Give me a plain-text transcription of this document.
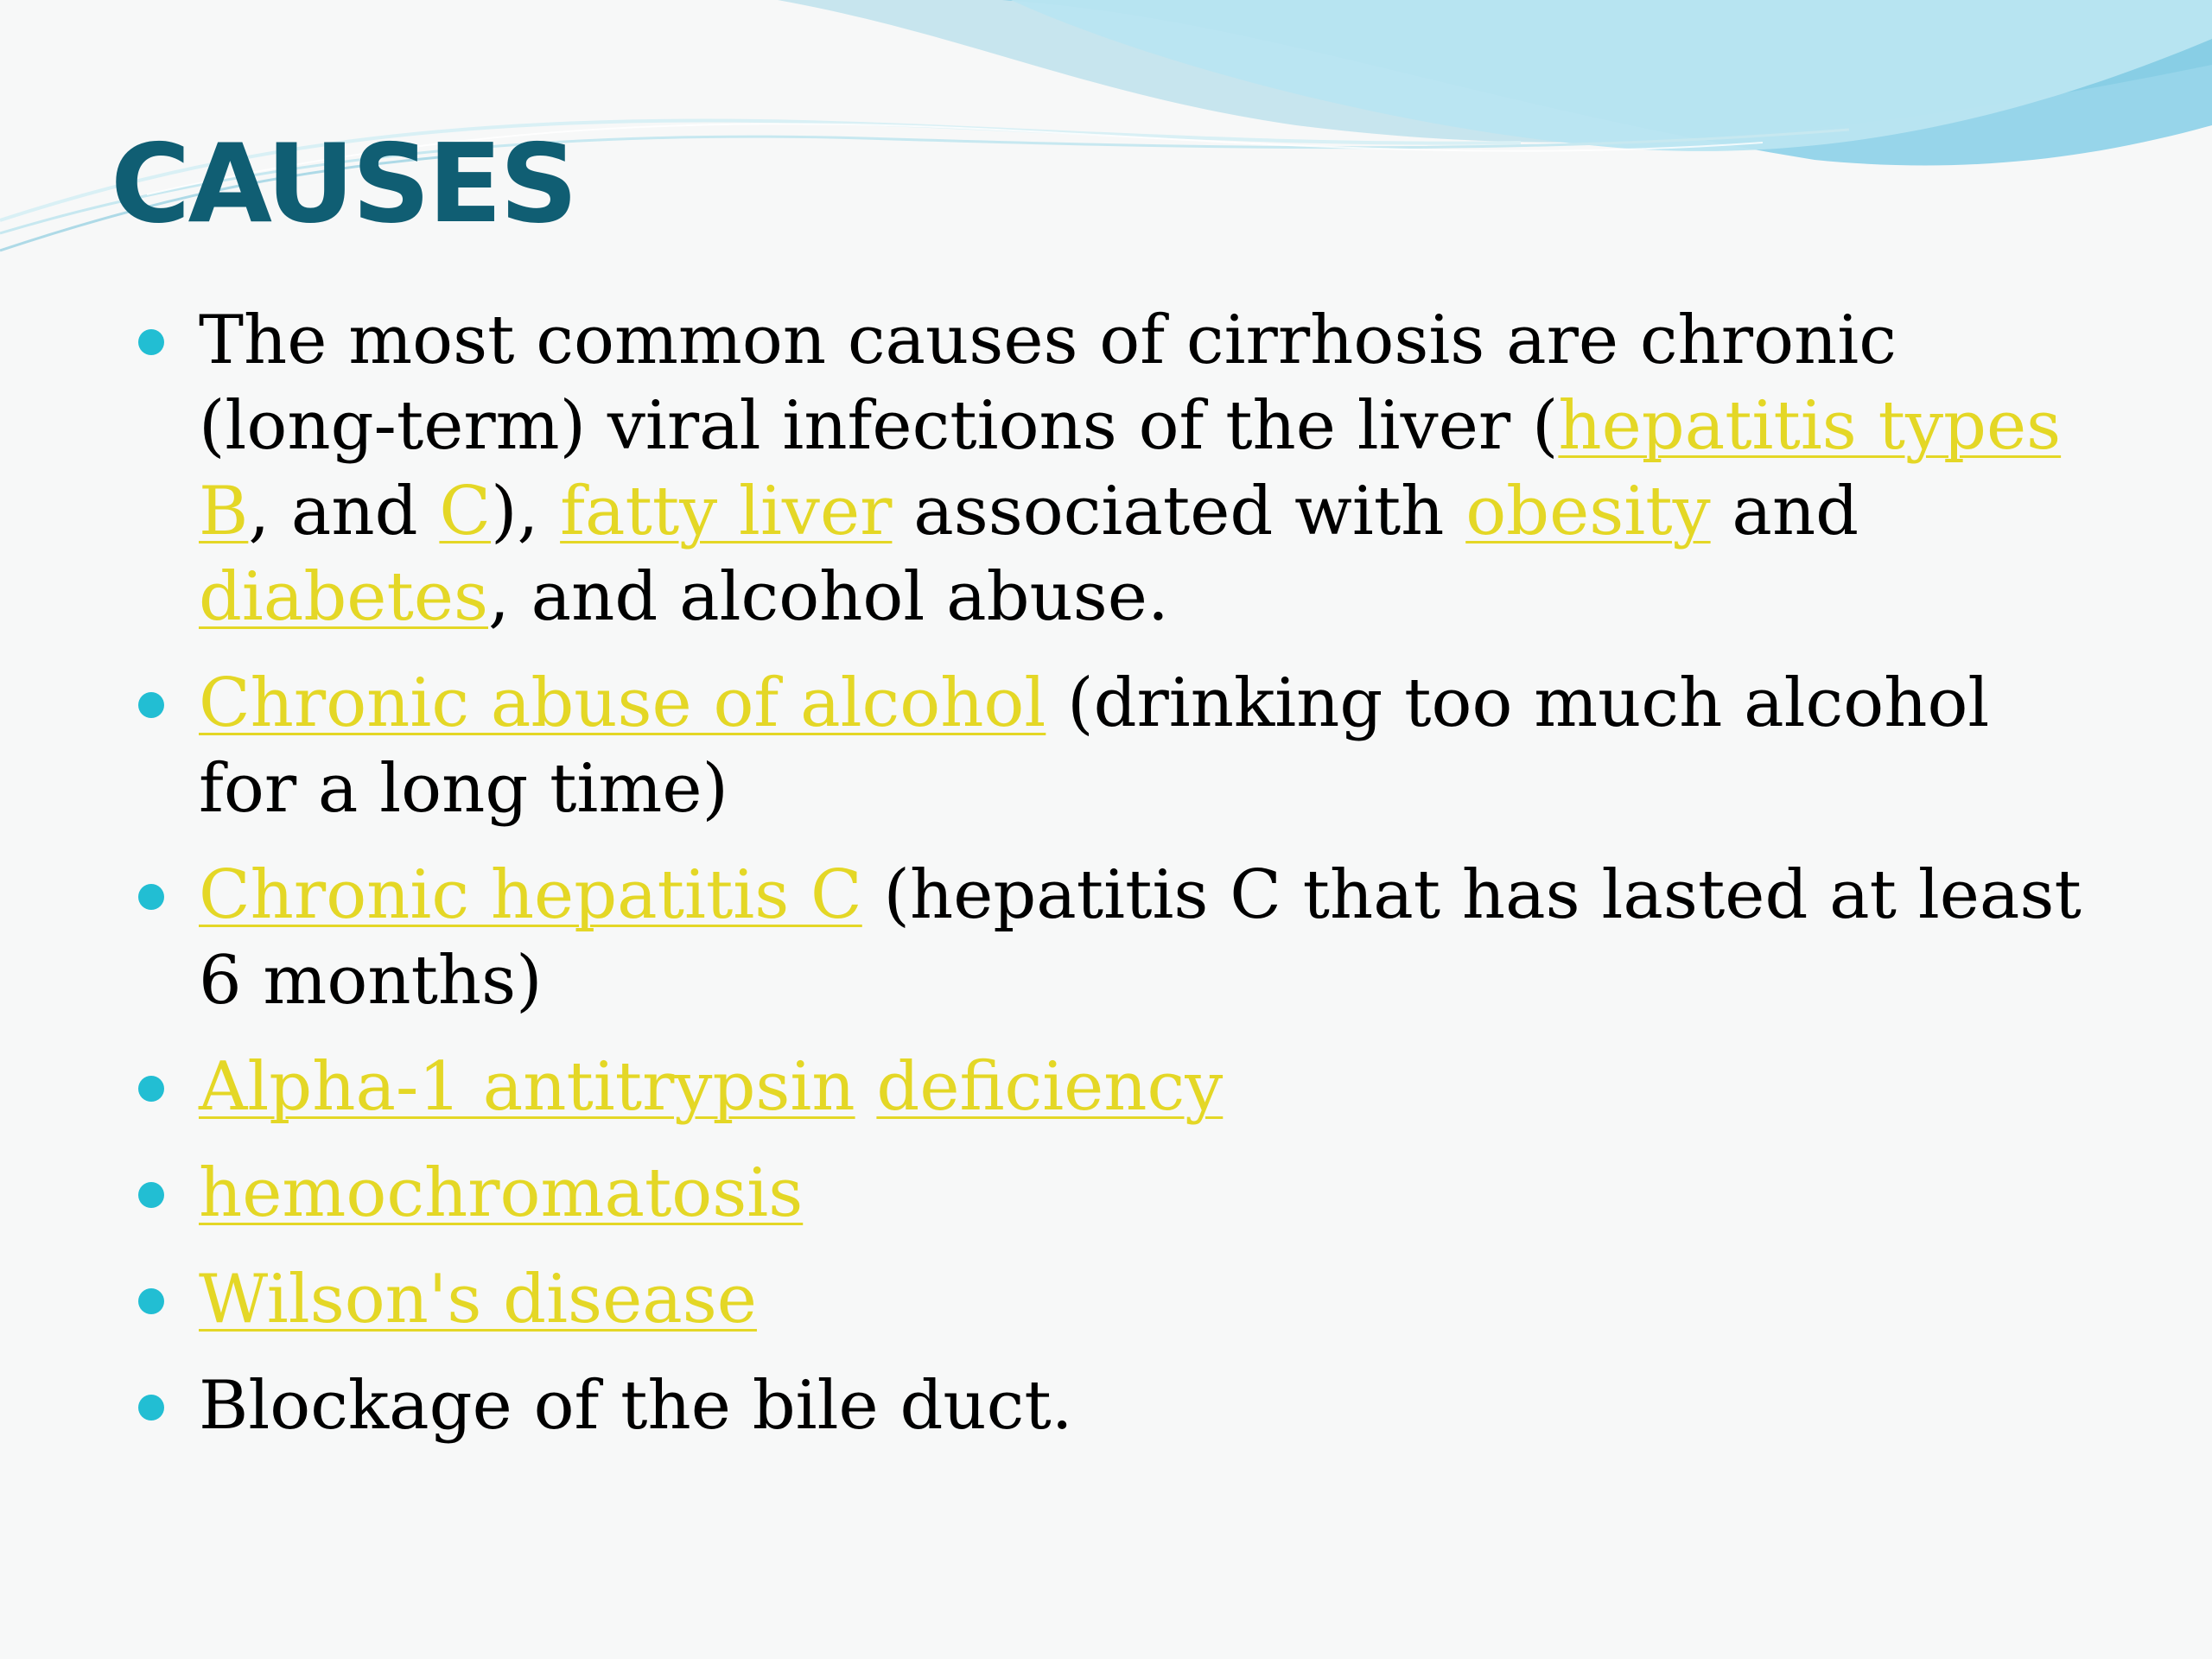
CAUSES
The most common causes of cirrhosis are chronic (long-term) viral infections of the liver (hepatitis types B, and C), fatty liver associated with obesity and diabetes, and alcohol abuse.
Chronic abuse of alcohol (drinking too much alcohol for a long time)
Chronic hepatitis C (hepatitis C that has lasted at least 6 months)
Alpha-1 antitrypsin deficiency
hemochromatosis
Wilson's disease
Blockage of the bile duct.
